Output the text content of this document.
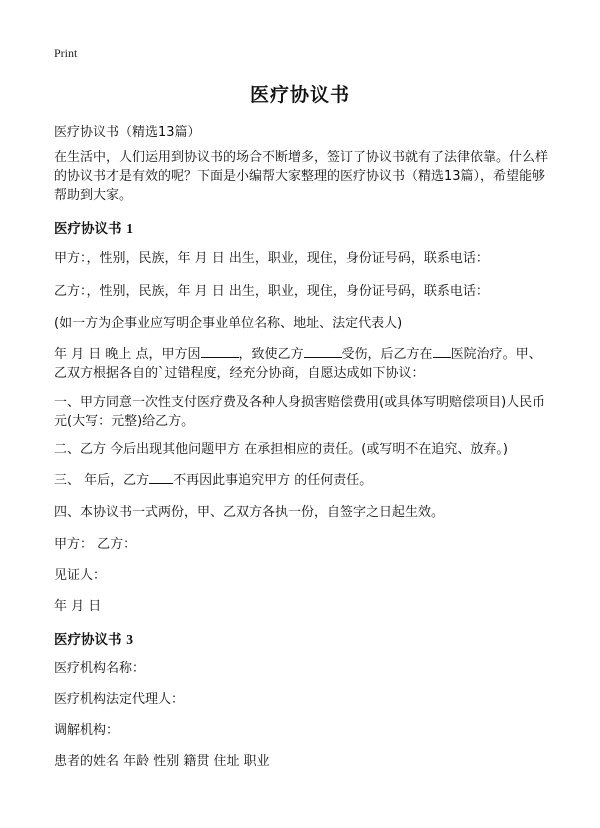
Print
医疗协议书
医疗协议书（精选13篇）

在生活中，人们运用到协议书的场合不断增多，签订了协议书就有了法律依靠。什么样的协议书才是有效的呢？下面是小编帮大家整理的医疗协议书（精选13篇），希望能够帮助到大家。

医疗协议书 1

甲方：，性别，民族，年 月 日 出生，职业，现住，身份证号码，联系电话：

乙方：，性别，民族，年 月 日 出生，职业，现住，身份证号码，联系电话：

(如一方为企事业应写明企事业单位名称、地址、法定代表人)

年 月 日 晚上 点，甲方因	，致使乙方	受伤，后乙方在 医院治疗。甲、乙双方根据各自的`过错程度，经充分协商，自愿达成如下协议：

一、甲方同意一次性支付医疗费及各种人身损害赔偿费用(或具体写明赔偿项目)人民币 元(大写：元整)给乙方。

二、乙方 今后出现其他问题甲方 在承担相应的责任。(或写明不在追究、放弃。)

三、 年后，乙方 不再因此事追究甲方 的任何责任。

四、本协议书一式两份，甲、乙双方各执一份，自签字之日起生效。

甲方： 乙方：

见证人：

年 月 日

医疗协议书 3

医疗机构名称：

医疗机构法定代理人：

调解机构：

患者的姓名 年龄 性别 籍贯 住址 职业
